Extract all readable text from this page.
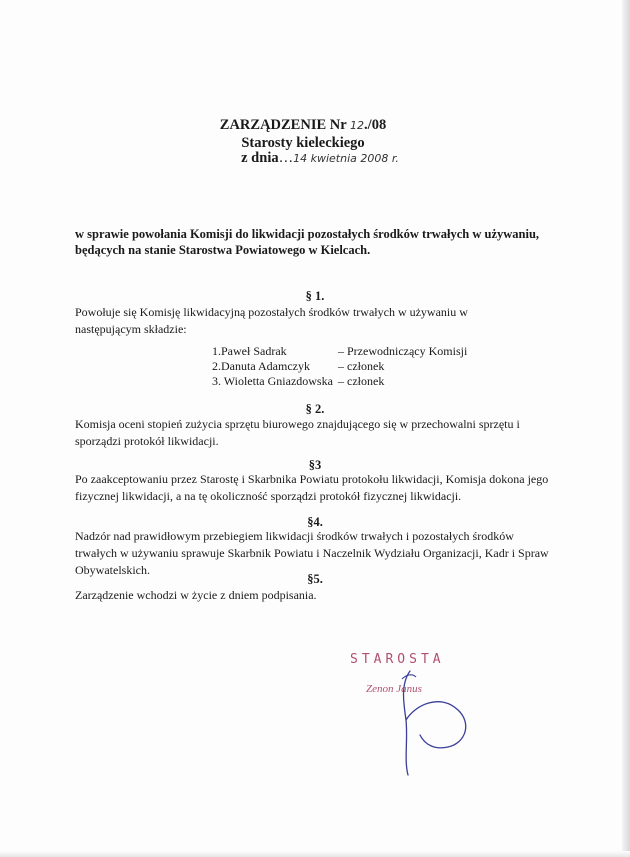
ZARZĄDZENIE Nr 12./08
Starosty kieleckiego
z dnia…14 kwietnia 2008 r.
w sprawie powołania Komisji do likwidacji pozostałych środków trwałych w używaniu, będących na stanie Starostwa Powiatowego w Kielcach.
§ 1.
Powołuje się Komisję likwidacyjną pozostałych środków trwałych w używaniu w następującym składzie:
1.Paweł Sadrak	– Przewodniczący Komisji
2.Danuta Adamczyk	– członek
3. Wioletta Gniazdowska – członek
§ 2.
Komisja oceni stopień zużycia sprzętu biurowego znajdującego się w przechowalni sprzętu i sporządzi protokół likwidacji.
§3
Po zaakceptowaniu przez Starostę i Skarbnika Powiatu protokołu likwidacji, Komisja dokona jego fizycznej likwidacji, a na tę okoliczność sporządzi protokół fizycznej likwidacji.
§4.
Nadzór nad prawidłowym przebiegiem likwidacji środków trwałych i pozostałych środków trwałych w używaniu sprawuje Skarbnik Powiatu i Naczelnik Wydziału Organizacji, Kadr i Spraw Obywatelskich.
§5.
Zarządzenie wchodzi w życie z dniem podpisania.
STAROSTA
Zenon Janus
